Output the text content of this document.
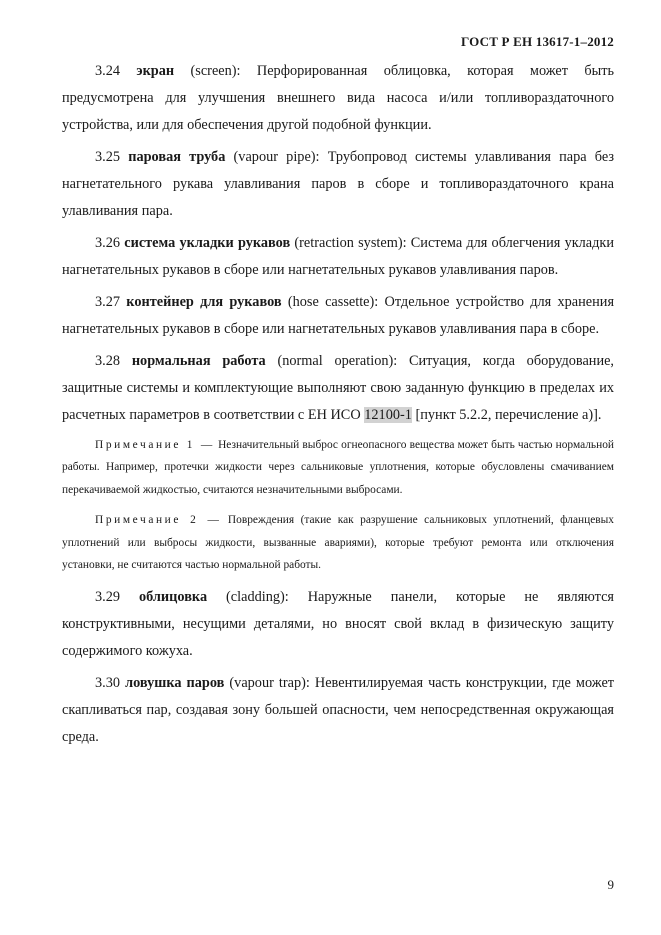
ГОСТ Р ЕН 13617-1–2012

3.24 экран (screen): Перфорированная облицовка, которая может быть предусмотрена для улучшения внешнего вида насоса и/или топливораздаточного устройства, или для обеспечения другой подобной функции.

3.25 паровая труба (vapour pipe): Трубопровод системы улавливания пара без нагнетательного рукава улавливания паров в сборе и топливораздаточного крана улавливания пара.

3.26 система укладки рукавов (retraction system): Система для облегчения укладки нагнетательных рукавов в сборе или нагнетательных рукавов улавливания паров.

3.27 контейнер для рукавов (hose cassette): Отдельное устройство для хранения нагнетательных рукавов в сборе или нагнетательных рукавов улавливания пара в сборе.

3.28 нормальная работа (normal operation): Ситуация, когда оборудование, защитные системы и комплектующие выполняют свою заданную функцию в пределах их расчетных параметров в соответствии с ЕН ИСО 12100-1 [пункт 5.2.2, перечисление а)].

Примечание 1 — Незначительный выброс огнеопасного вещества может быть частью нормальной работы. Например, протечки жидкости через сальниковые уплотнения, которые обусловлены смачиванием перекачиваемой жидкостью, считаются незначительными выбросами.

Примечание 2 — Повреждения (такие как разрушение сальниковых уплотнений, фланцевых уплотнений или выбросы жидкости, вызванные авариями), которые требуют ремонта или отключения установки, не считаются частью нормальной работы.

3.29 облицовка (cladding): Наружные панели, которые не являются конструктивными, несущими деталями, но вносят свой вклад в физическую защиту содержимого кожуха.

3.30 ловушка паров (vapour trap): Невентилируемая часть конструкции, где может скапливаться пар, создавая зону большей опасности, чем непосредственная окружающая среда.

9
